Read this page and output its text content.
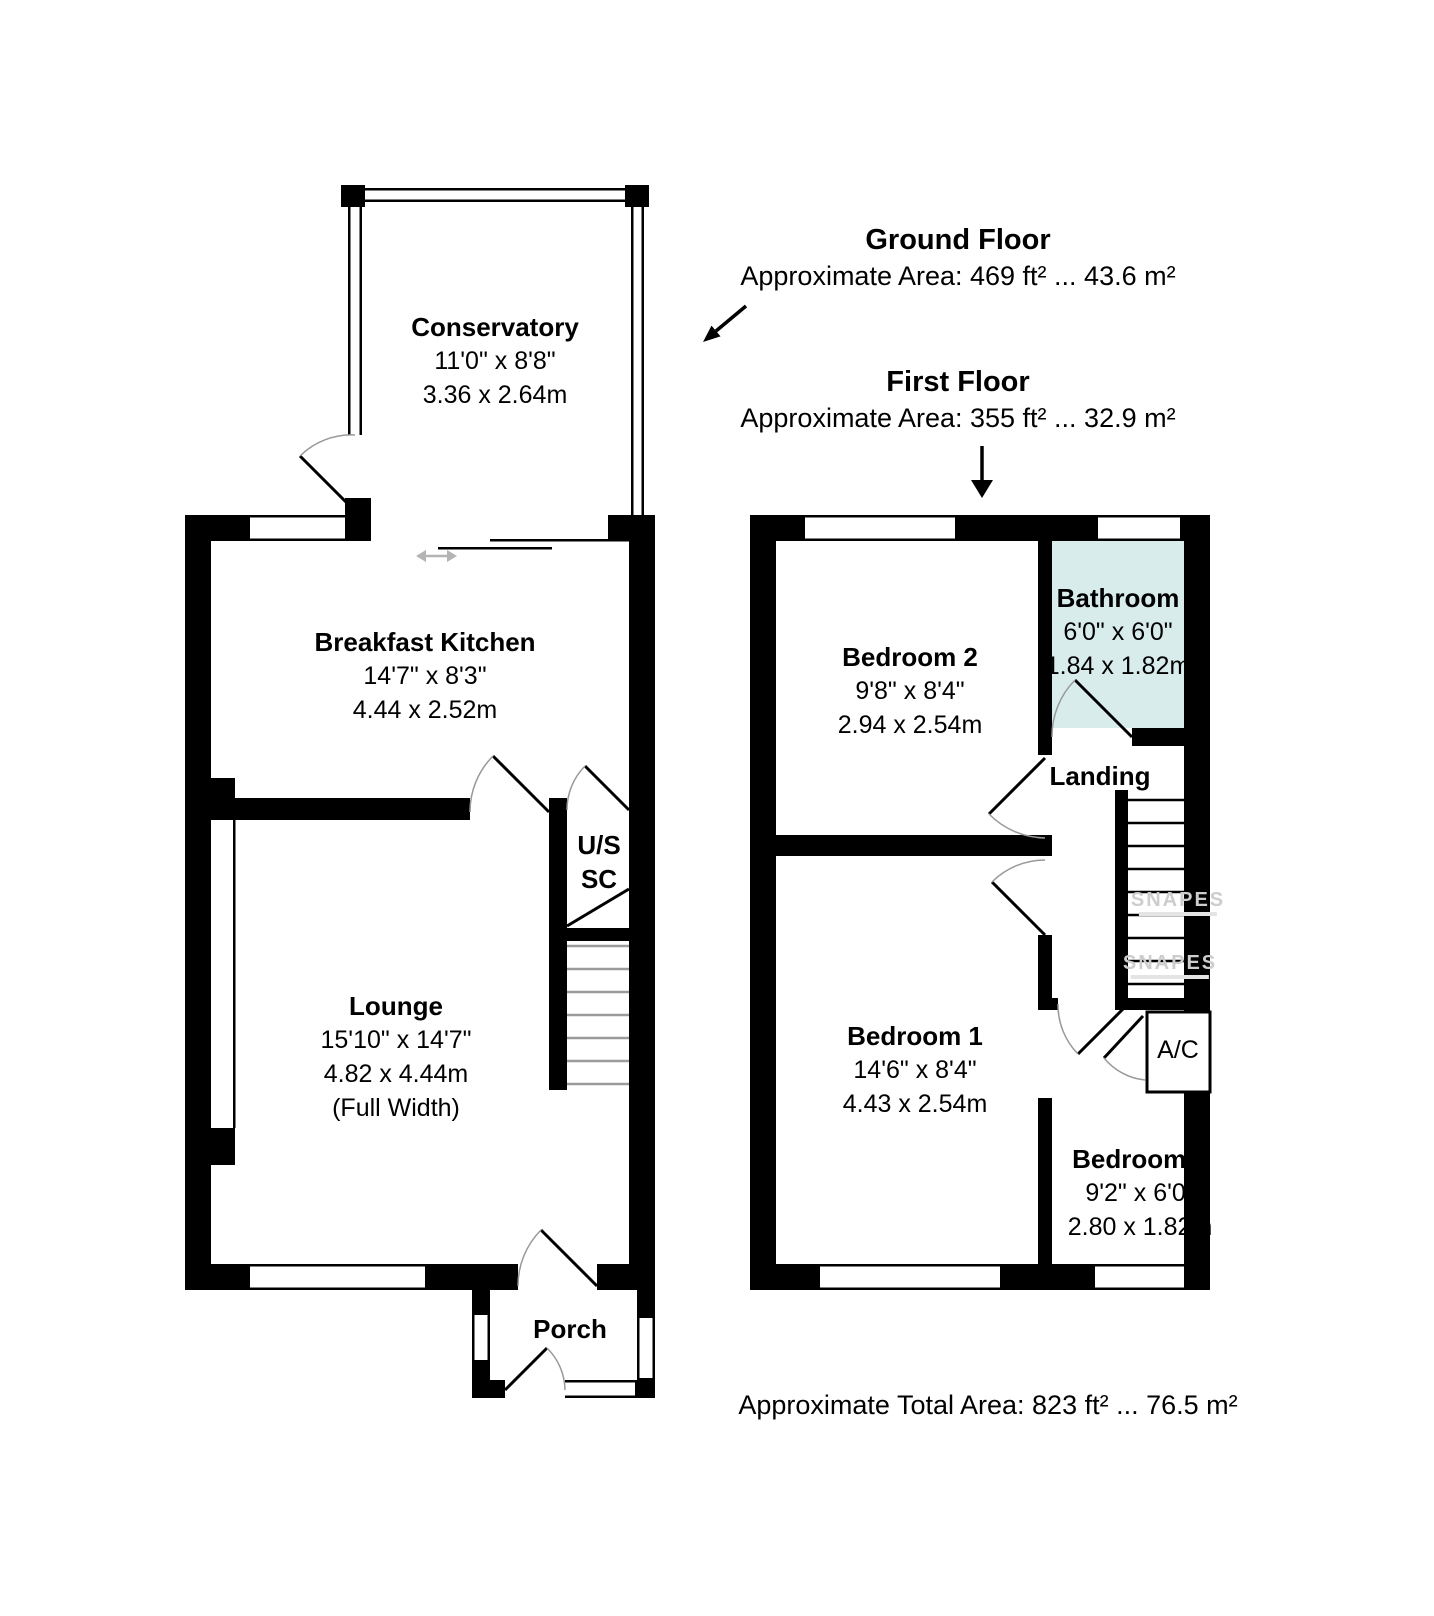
Ground Floor
Approximate Area: 469 ft² ... 43.6 m²
First Floor
Approximate Area: 355 ft² ... 32.9 m²
Approximate Total Area: 823 ft² ... 76.5 m²
Conservatory
11'0" x 8'8"
3.36 x 2.64m
Breakfast Kitchen
14'7" x 8'3"
4.44 x 2.52m
Lounge
15'10" x 14'7"
4.82 x 4.44m
(Full Width)
U/S
SC
Porch
Bedroom 2
9'8" x 8'4"
2.94 x 2.54m
Bathroom
6'0" x 6'0"
1.84 x 1.82m
Landing
Bedroom 1
14'6" x 8'4"
4.43 x 2.54m
A/C
Bedroom 3
9'2" x 6'0"
2.80 x 1.82m
SNAPES
SNAPES
